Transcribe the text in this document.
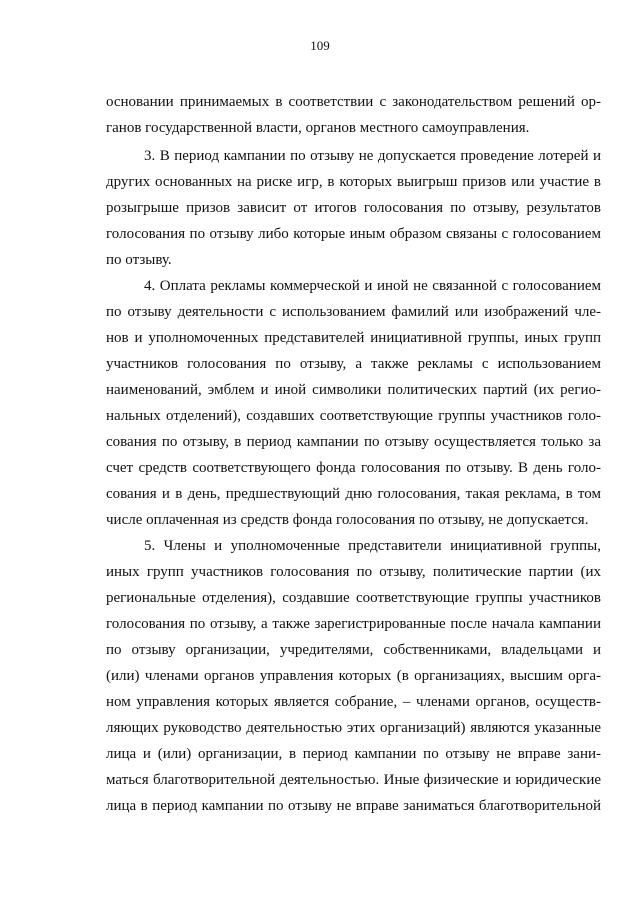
109
основании принимаемых в соответствии с законодательством решений ор-
ганов государственной власти, органов местного самоуправления.
3. В период кампании по отзыву не допускается проведение лотерей и
других основанных на риске игр, в которых выигрыш призов или участие в
розыгрыше призов зависит от итогов голосования по отзыву, результатов
голосования по отзыву либо которые иным образом связаны с голосованием
по отзыву.
4. Оплата рекламы коммерческой и иной не связанной с голосованием
по отзыву деятельности с использованием фамилий или изображений чле-
нов и уполномоченных представителей инициативной группы, иных групп
участников голосования по отзыву, а также рекламы с использованием
наименований, эмблем и иной символики политических партий (их регио-
нальных отделений), создавших соответствующие группы участников голо-
сования по отзыву, в период кампании по отзыву осуществляется только за
счет средств соответствующего фонда голосования по отзыву. В день голо-
сования и в день, предшествующий дню голосования, такая реклама, в том
числе оплаченная из средств фонда голосования по отзыву, не допускается.
5. Члены и уполномоченные представители инициативной группы,
иных групп участников голосования по отзыву, политические партии (их
региональные отделения), создавшие соответствующие группы участников
голосования по отзыву, а также зарегистрированные после начала кампании
по отзыву организации, учредителями, собственниками, владельцами и
(или) членами органов управления которых (в организациях, высшим орга-
ном управления которых является собрание, – членами органов, осуществ-
ляющих руководство деятельностью этих организаций) являются указанные
лица и (или) организации, в период кампании по отзыву не вправе зани-
маться благотворительной деятельностью. Иные физические и юридические
лица в период кампании по отзыву не вправе заниматься благотворительной
